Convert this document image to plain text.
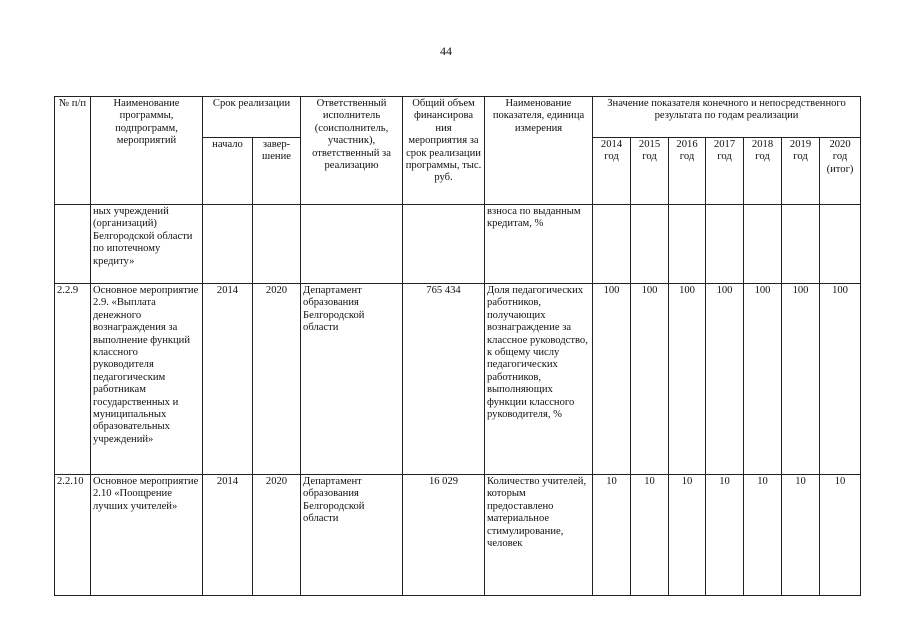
44
№ п/п	Наименование программы, подпрограмм, мероприятий	Срок реализации		Ответственный исполнитель (соисполнитель, участник), ответственный за реализацию	Общий объем финансирова ния мероприятия за срок реализации программы, тыс. руб.	Наименование показателя, единица измерения	Значение показателя конечного и непосредственного результата по годам реализации						
		начало	завер-шение				2014 год	2015 год	2016 год	2017 год	2018 год	2019 год	2020 год (итог)
	ных учреждений (организаций) Белгородской области по ипотечному кредиту»					взноса по выданным кредитам, %							
2.2.9	Основное мероприятие 2.9. «Выплата денежного вознаграждения за выполнение функций классного руководителя педагогическим работникам государственных и муниципальных образовательных учреждений»	2014	2020	Департамент образования Белгородской области	765 434	Доля педагогических работников, получающих вознаграждение за классное руководство, к общему числу педагогических работников, выполняющих функции классного руководителя, %	100	100	100	100	100	100	100
2.2.10	Основное мероприятие 2.10 «Поощрение лучших учителей»	2014	2020	Департамент образования Белгородской области	16 029	Количество учителей, которым предоставлено материальное стимулирование, человек	10	10	10	10	10	10	10
